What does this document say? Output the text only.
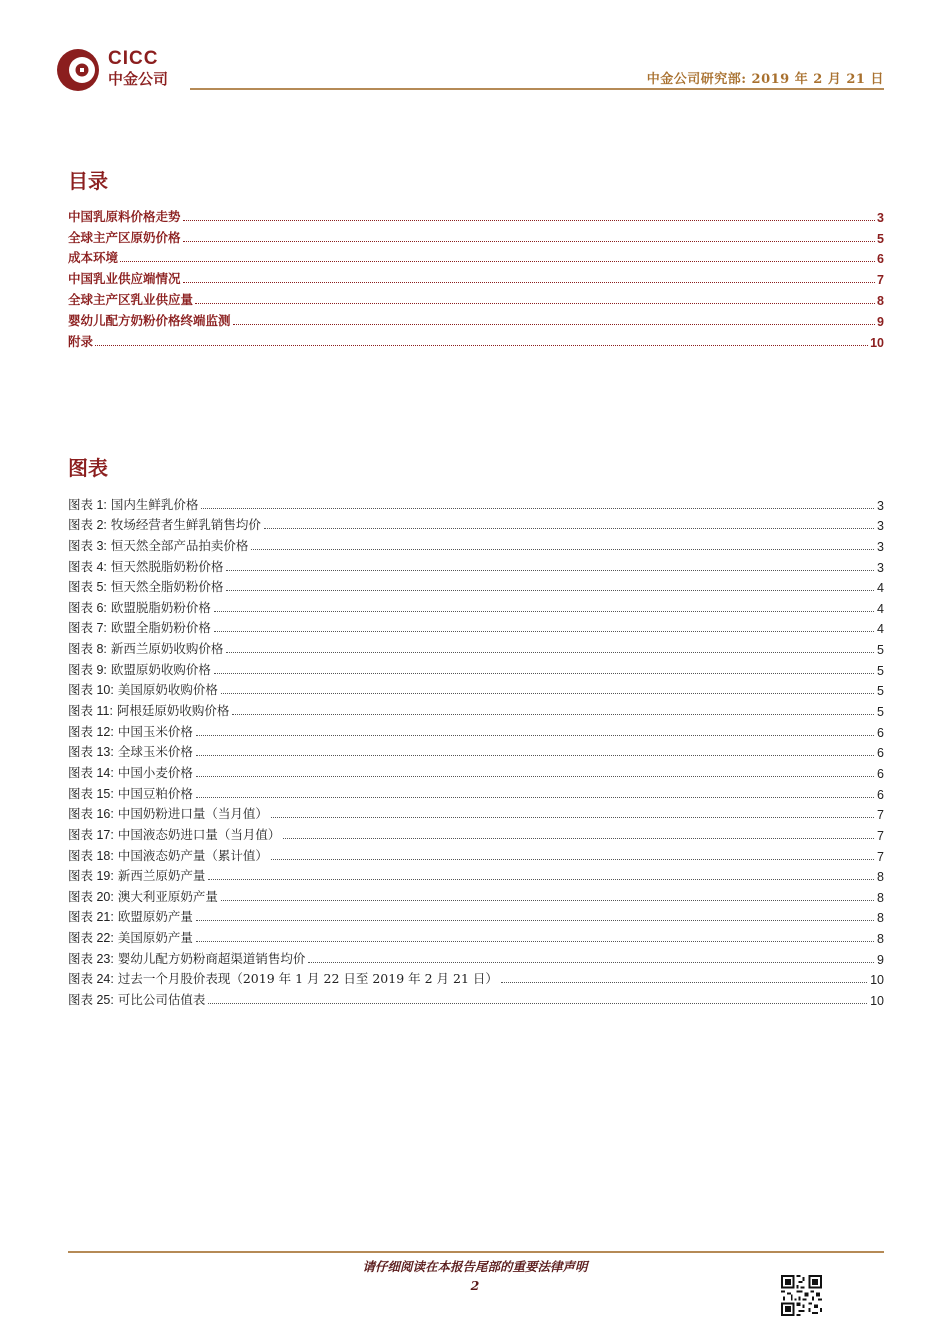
CICC
中金公司	中金公司研究部: 2019 年 2 月 21 日
目录
中国乳原料价格走势	3
全球主产区原奶价格	5
成本环境	6
中国乳业供应端情况	7
全球主产区乳业供应量	8
婴幼儿配方奶粉价格终端监测	9
附录	10
图表
图表 1: 国内生鲜乳价格	3
图表 2: 牧场经营者生鲜乳销售均价	3
图表 3: 恒天然全部产品拍卖价格	3
图表 4: 恒天然脱脂奶粉价格	3
图表 5: 恒天然全脂奶粉价格	4
图表 6: 欧盟脱脂奶粉价格	4
图表 7: 欧盟全脂奶粉价格	4
图表 8: 新西兰原奶收购价格	5
图表 9: 欧盟原奶收购价格	5
图表 10: 美国原奶收购价格	5
图表 11: 阿根廷原奶收购价格	5
图表 12: 中国玉米价格	6
图表 13: 全球玉米价格	6
图表 14: 中国小麦价格	6
图表 15: 中国豆粕价格	6
图表 16: 中国奶粉进口量（当月值）	7
图表 17: 中国液态奶进口量（当月值）	7
图表 18: 中国液态奶产量（累计值）	7
图表 19: 新西兰原奶产量	8
图表 20: 澳大利亚原奶产量	8
图表 21: 欧盟原奶产量	8
图表 22: 美国原奶产量	8
图表 23: 婴幼儿配方奶粉商超渠道销售均价	9
图表 24: 过去一个月股价表现（2019 年 1 月 22 日至 2019 年 2 月 21 日）	10
图表 25: 可比公司估值表	10
请仔细阅读在本报告尾部的重要法律声明
2
